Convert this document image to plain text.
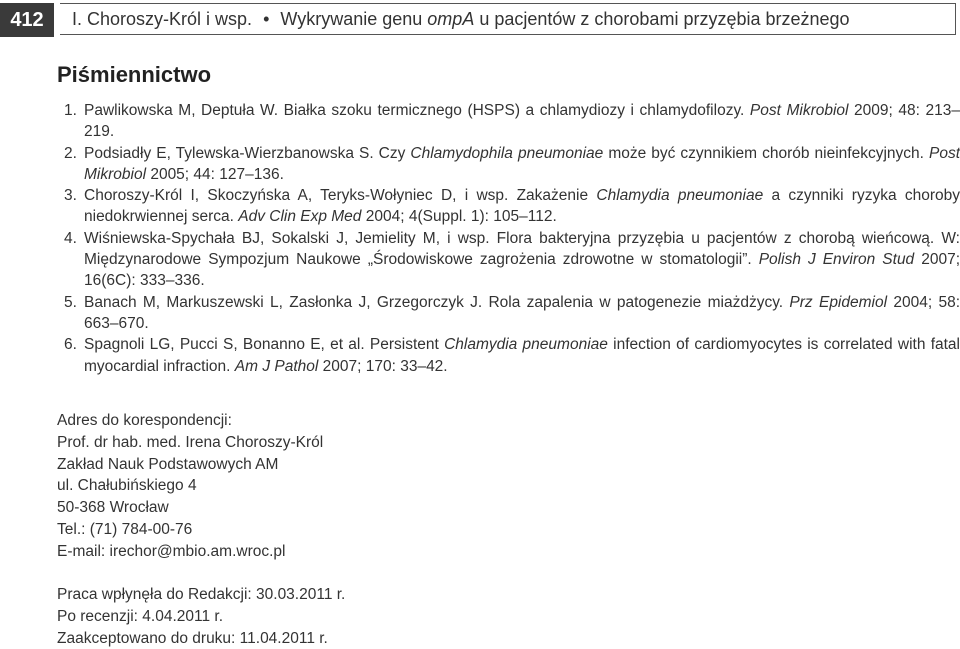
412	I. Choroszy-Król i wsp. • Wykrywanie genu ompA u pacjentów z chorobami przyzębia brzeżnego
Piśmiennictwo
1. Pawlikowska M, Deptuła W. Białka szoku termicznego (HSPS) a chlamydiozy i chlamydofilozy. Post Mikrobiol 2009; 48: 213–219.
2. Podsiadły E, Tylewska-Wierzbanowska S. Czy Chlamydophila pneumoniae może być czynnikiem chorób nieinfekcyjnych. Post Mikrobiol 2005; 44: 127–136.
3. Choroszy-Król I, Skoczyńska A, Teryks-Wołyniec D, i wsp. Zakażenie Chlamydia pneumoniae a czynniki ryzyka choroby niedokrwiennej serca. Adv Clin Exp Med 2004; 4(Suppl. 1): 105–112.
4. Wiśniewska-Spychała BJ, Sokalski J, Jemielity M, i wsp. Flora bakteryjna przyzębia u pacjentów z chorobą wieńcową. W: Międzynarodowe Sympozjum Naukowe „Środowiskowe zagrożenia zdrowotne w stomatologii”. Polish J Environ Stud 2007; 16(6C): 333–336.
5. Banach M, Markuszewski L, Zasłonka J, Grzegorczyk J. Rola zapalenia w patogenezie miażdżycy. Prz Epidemiol 2004; 58: 663–670.
6. Spagnoli LG, Pucci S, Bonanno E, et al. Persistent Chlamydia pneumoniae infection of cardiomyocytes is correlated with fatal myocardial infraction. Am J Pathol 2007; 170: 33–42.
Adres do korespondencji:
Prof. dr hab. med. Irena Choroszy-Król
Zakład Nauk Podstawowych AM
ul. Chałubińskiego 4
50-368 Wrocław
Tel.: (71) 784-00-76
E-mail: irechor@mbio.am.wroc.pl
Praca wpłynęła do Redakcji: 30.03.2011 r.
Po recenzji: 4.04.2011 r.
Zaakceptowano do druku: 11.04.2011 r.
